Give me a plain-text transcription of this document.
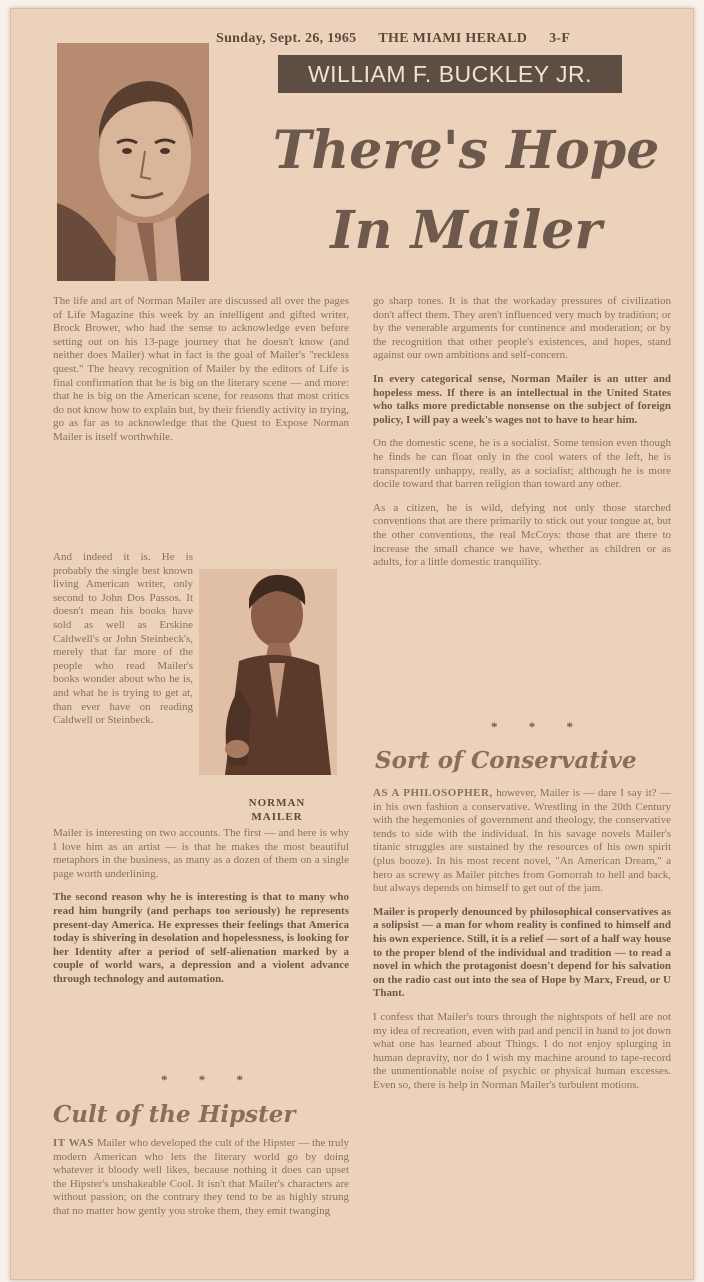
Sunday, Sept. 26, 1965 THE MIAMI HERALD 3-F
WILLIAM F. BUCKLEY JR.
There's Hope
In Mailer

The life and art of Norman Mailer are discussed all over the pages of Life Magazine this week by an intelligent and gifted writer, Brock Brower, who had the sense to acknowledge even before setting out on his 13-page journey that he doesn't know (and neither does Mailer) what in fact is the goal of Mailer's "reckless quest." The heavy recognition of Mailer by the editors of Life is final confirmation that he is big on the literary scene — and more: that he is big on the American scene, for reasons that most critics do not know how to explain but, by their friendly activity in trying, go as far as to acknowledge that the Quest to Expose Norman Mailer is itself worthwhile.

And indeed it is. He is probably the single best known living American writer, only second to John Dos Passos. It doesn't mean his books have sold as well as Erskine Caldwell's or John Steinbeck's, merely that far more of the people who read Mailer's books wonder about who he is, and what he is trying to get at, than ever have on reading Caldwell or Steinbeck.

NORMAN
MAILER

Mailer is interesting on two accounts. The first — and here is why I love him as an artist — is that he makes the most beautiful metaphors in the business, as many as a dozen of them on a single page worth underlining.

The second reason why he is interesting is that to many who read him hungrily (and perhaps too seriously) he represents present-day America. He expresses their feelings that America today is shivering in desolation and hopelessness, is looking for her Identity after a period of self-alienation marked by a couple of world wars, a depression and a violent advance through technology and automation.

* * *
Cult of the Hipster

IT WAS Mailer who developed the cult of the Hipster — the truly modern American who lets the literary world go by doing whatever it bloody well likes, because nothing it does can upset the Hipster's unshakeable Cool. It isn't that Mailer's characters are without passion; on the contrary they tend to be as highly strung that no matter how gently you stroke them, they emit twanging

go sharp tones. It is that the workaday pressures of civilization don't affect them. They aren't influenced very much by tradition; or by the venerable arguments for continence and moderation; or by the recognition that other people's existences, and hopes, stand against our own ambitions and self-concern.

In every categorical sense, Norman Mailer is an utter and hopeless mess. If there is an intellectual in the United States who talks more predictable nonsense on the subject of foreign policy, I will pay a week's wages not to have to hear him.

On the domestic scene, he is a socialist. Some tension even though he finds he can float only in the cool waters of the left, he is transparently unhappy, really, as a socialist; although he is more docile toward that barren religion than toward any other.

As a citizen, he is wild, defying not only those starched conventions that are there primarily to stick out your tongue at, but the other conventions, the real McCoys: those that are there to increase the small chance we have, whether as children or as adults, for a little domestic tranquility.

* * *
Sort of Conservative

AS A PHILOSOPHER, however, Mailer is — dare I say it? — in his own fashion a conservative. Wrestling in the 20th Century with the hegemonies of government and theology, the conservative tends to side with the individual. In his savage novels Mailer's titanic struggles are sustained by the resources of his own spirit (plus booze). In his most recent novel, "An American Dream," a hero as screwy as Mailer pitches from Gomorrah to hell and back, but always depends on himself to get out of the jam.

Mailer is properly denounced by philosophical conservatives as a solipsist — a man for whom reality is confined to himself and his own experience. Still, it is a relief — sort of a half way house to the proper blend of the individual and tradition — to read a novel in which the protagonist doesn't depend for his salvation on the radio cast out into the sea of Hope by Marx, Freud, or U Thant.

I confess that Mailer's tours through the nightspots of hell are not my idea of recreation, even with pad and pencil in hand to jot down what one has learned about Things. I do not enjoy splurging in human depravity, nor do I wish my machine around to tape-record the unmentionable noise of psychic or physical human excesses. Even so, there is help in Norman Mailer's turbulent motions.
